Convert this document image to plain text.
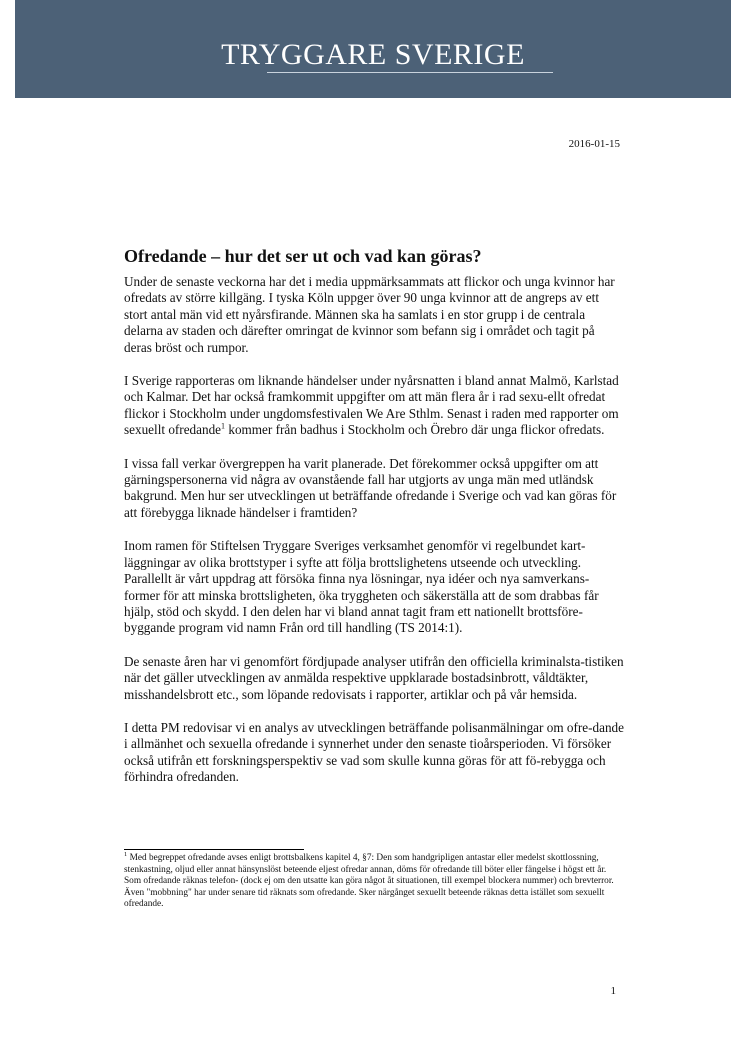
TRYGGARE SVERIGE
2016-01-15
Ofredande – hur det ser ut och vad kan göras?

Under de senaste veckorna har det i media uppmärksammats att flickor och unga kvinnor har ofredats av större killgäng. I tyska Köln uppger över 90 unga kvinnor att de angreps av ett stort antal män vid ett nyårsfirande. Männen ska ha samlats i en stor grupp i de centrala delarna av staden och därefter omringat de kvinnor som befann sig i området och tagit på deras bröst och rumpor.

I Sverige rapporteras om liknande händelser under nyårsnatten i bland annat Malmö, Karlstad och Kalmar. Det har också framkommit uppgifter om att män flera år i rad sexu-ellt ofredat flickor i Stockholm under ungdomsfestivalen We Are Sthlm. Senast i raden med rapporter om sexuellt ofredande$^1$ kommer från badhus i Stockholm och Örebro där unga flickor ofredats.

I vissa fall verkar övergreppen ha varit planerade. Det förekommer också uppgifter om att gärningspersonerna vid några av ovanstående fall har utgjorts av unga män med utländsk bakgrund. Men hur ser utvecklingen ut beträffande ofredande i Sverige och vad kan göras för att förebygga liknade händelser i framtiden?

Inom ramen för Stiftelsen Tryggare Sveriges verksamhet genomför vi regelbundet kart-läggningar av olika brottstyper i syfte att följa brottslighetens utseende och utveckling. Parallellt är vårt uppdrag att försöka finna nya lösningar, nya idéer och nya samverkans-former för att minska brottsligheten, öka tryggheten och säkerställa att de som drabbas får hjälp, stöd och skydd. I den delen har vi bland annat tagit fram ett nationellt brottsföre-byggande program vid namn Från ord till handling (TS 2014:1).

De senaste åren har vi genomfört fördjupade analyser utifrån den officiella kriminalsta-tistiken när det gäller utvecklingen av anmälda respektive uppklarade bostadsinbrott, våldtäkter, misshandelsbrott etc., som löpande redovisats i rapporter, artiklar och på vår hemsida.

I detta PM redovisar vi en analys av utvecklingen beträffande polisanmälningar om ofre-dande i allmänhet och sexuella ofredande i synnerhet under den senaste tioårsperioden. Vi försöker också utifrån ett forskningsperspektiv se vad som skulle kunna göras för att fö-rebygga och förhindra ofredanden.

$^1$ Med begreppet ofredande avses enligt brottsbalkens kapitel 4, §7: Den som handgripligen antastar eller medelst skottlossning, stenkastning, oljud eller annat hänsynslöst beteende eljest ofredar annan, döms för ofredande till böter eller fängelse i högst ett år. Som ofredande räknas telefon- (dock ej om den utsatte kan göra något åt situationen, till exempel blockera nummer) och brevterror. Även "mobbning" har under senare tid räknats som ofredande. Sker närgånget sexuellt beteende räknas detta istället som sexuellt ofredande.
1
